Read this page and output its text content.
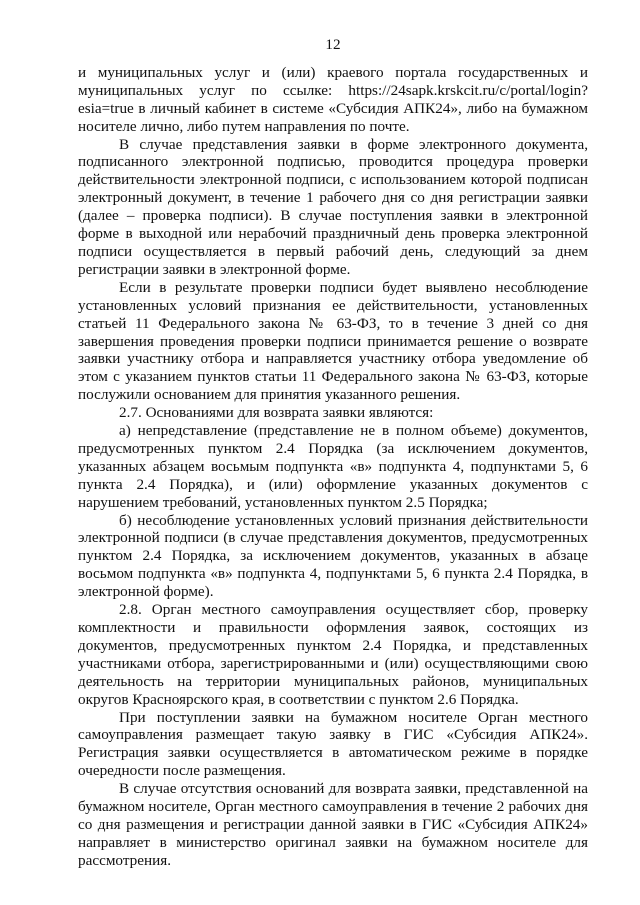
12

и муниципальных услуг и (или) краевого портала государственных и муниципальных услуг по ссылке: https://24sapk.krskcit.ru/c/portal/login?esia=true в личный кабинет в системе «Субсидия АПК24», либо на бумажном носителе лично, либо путем направления по почте.

В случае представления заявки в форме электронного документа, подписанного электронной подписью, проводится процедура проверки действительности электронной подписи, с использованием которой подписан электронный документ, в течение 1 рабочего дня со дня регистрации заявки (далее – проверка подписи). В случае поступления заявки в электронной форме в выходной или нерабочий праздничный день проверка электронной подписи осуществляется в первый рабочий день, следующий за днем регистрации заявки в электронной форме.

Если в результате проверки подписи будет выявлено несоблюдение установленных условий признания ее действительности, установленных статьей 11 Федерального закона № 63-ФЗ, то в течение 3 дней со дня завершения проведения проверки подписи принимается решение о возврате заявки участнику отбора и направляется участнику отбора уведомление об этом с указанием пунктов статьи 11 Федерального закона № 63-ФЗ, которые послужили основанием для принятия указанного решения.

2.7. Основаниями для возврата заявки являются:

а) непредставление (представление не в полном объеме) документов, предусмотренных пунктом 2.4 Порядка (за исключением документов, указанных абзацем восьмым подпункта «в» подпункта 4, подпунктами 5, 6 пункта 2.4 Порядка), и (или) оформление указанных документов с нарушением требований, установленных пунктом 2.5 Порядка;

б) несоблюдение установленных условий признания действительности электронной подписи (в случае представления документов, предусмотренных пунктом 2.4 Порядка, за исключением документов, указанных в абзаце восьмом подпункта «в» подпункта 4, подпунктами 5, 6 пункта 2.4 Порядка, в электронной форме).

2.8. Орган местного самоуправления осуществляет сбор, проверку комплектности и правильности оформления заявок, состоящих из документов, предусмотренных пунктом 2.4 Порядка, и представленных участниками отбора, зарегистрированными и (или) осуществляющими свою деятельность на территории муниципальных районов, муниципальных округов Красноярского края, в соответствии с пунктом 2.6 Порядка.

При поступлении заявки на бумажном носителе Орган местного самоуправления размещает такую заявку в ГИС «Субсидия АПК24». Регистрация заявки осуществляется в автоматическом режиме в порядке очередности после размещения.

В случае отсутствия оснований для возврата заявки, представленной на бумажном носителе, Орган местного самоуправления в течение 2 рабочих дня со дня размещения и регистрации данной заявки в ГИС «Субсидия АПК24» направляет в министерство оригинал заявки на бумажном носителе для рассмотрения.
